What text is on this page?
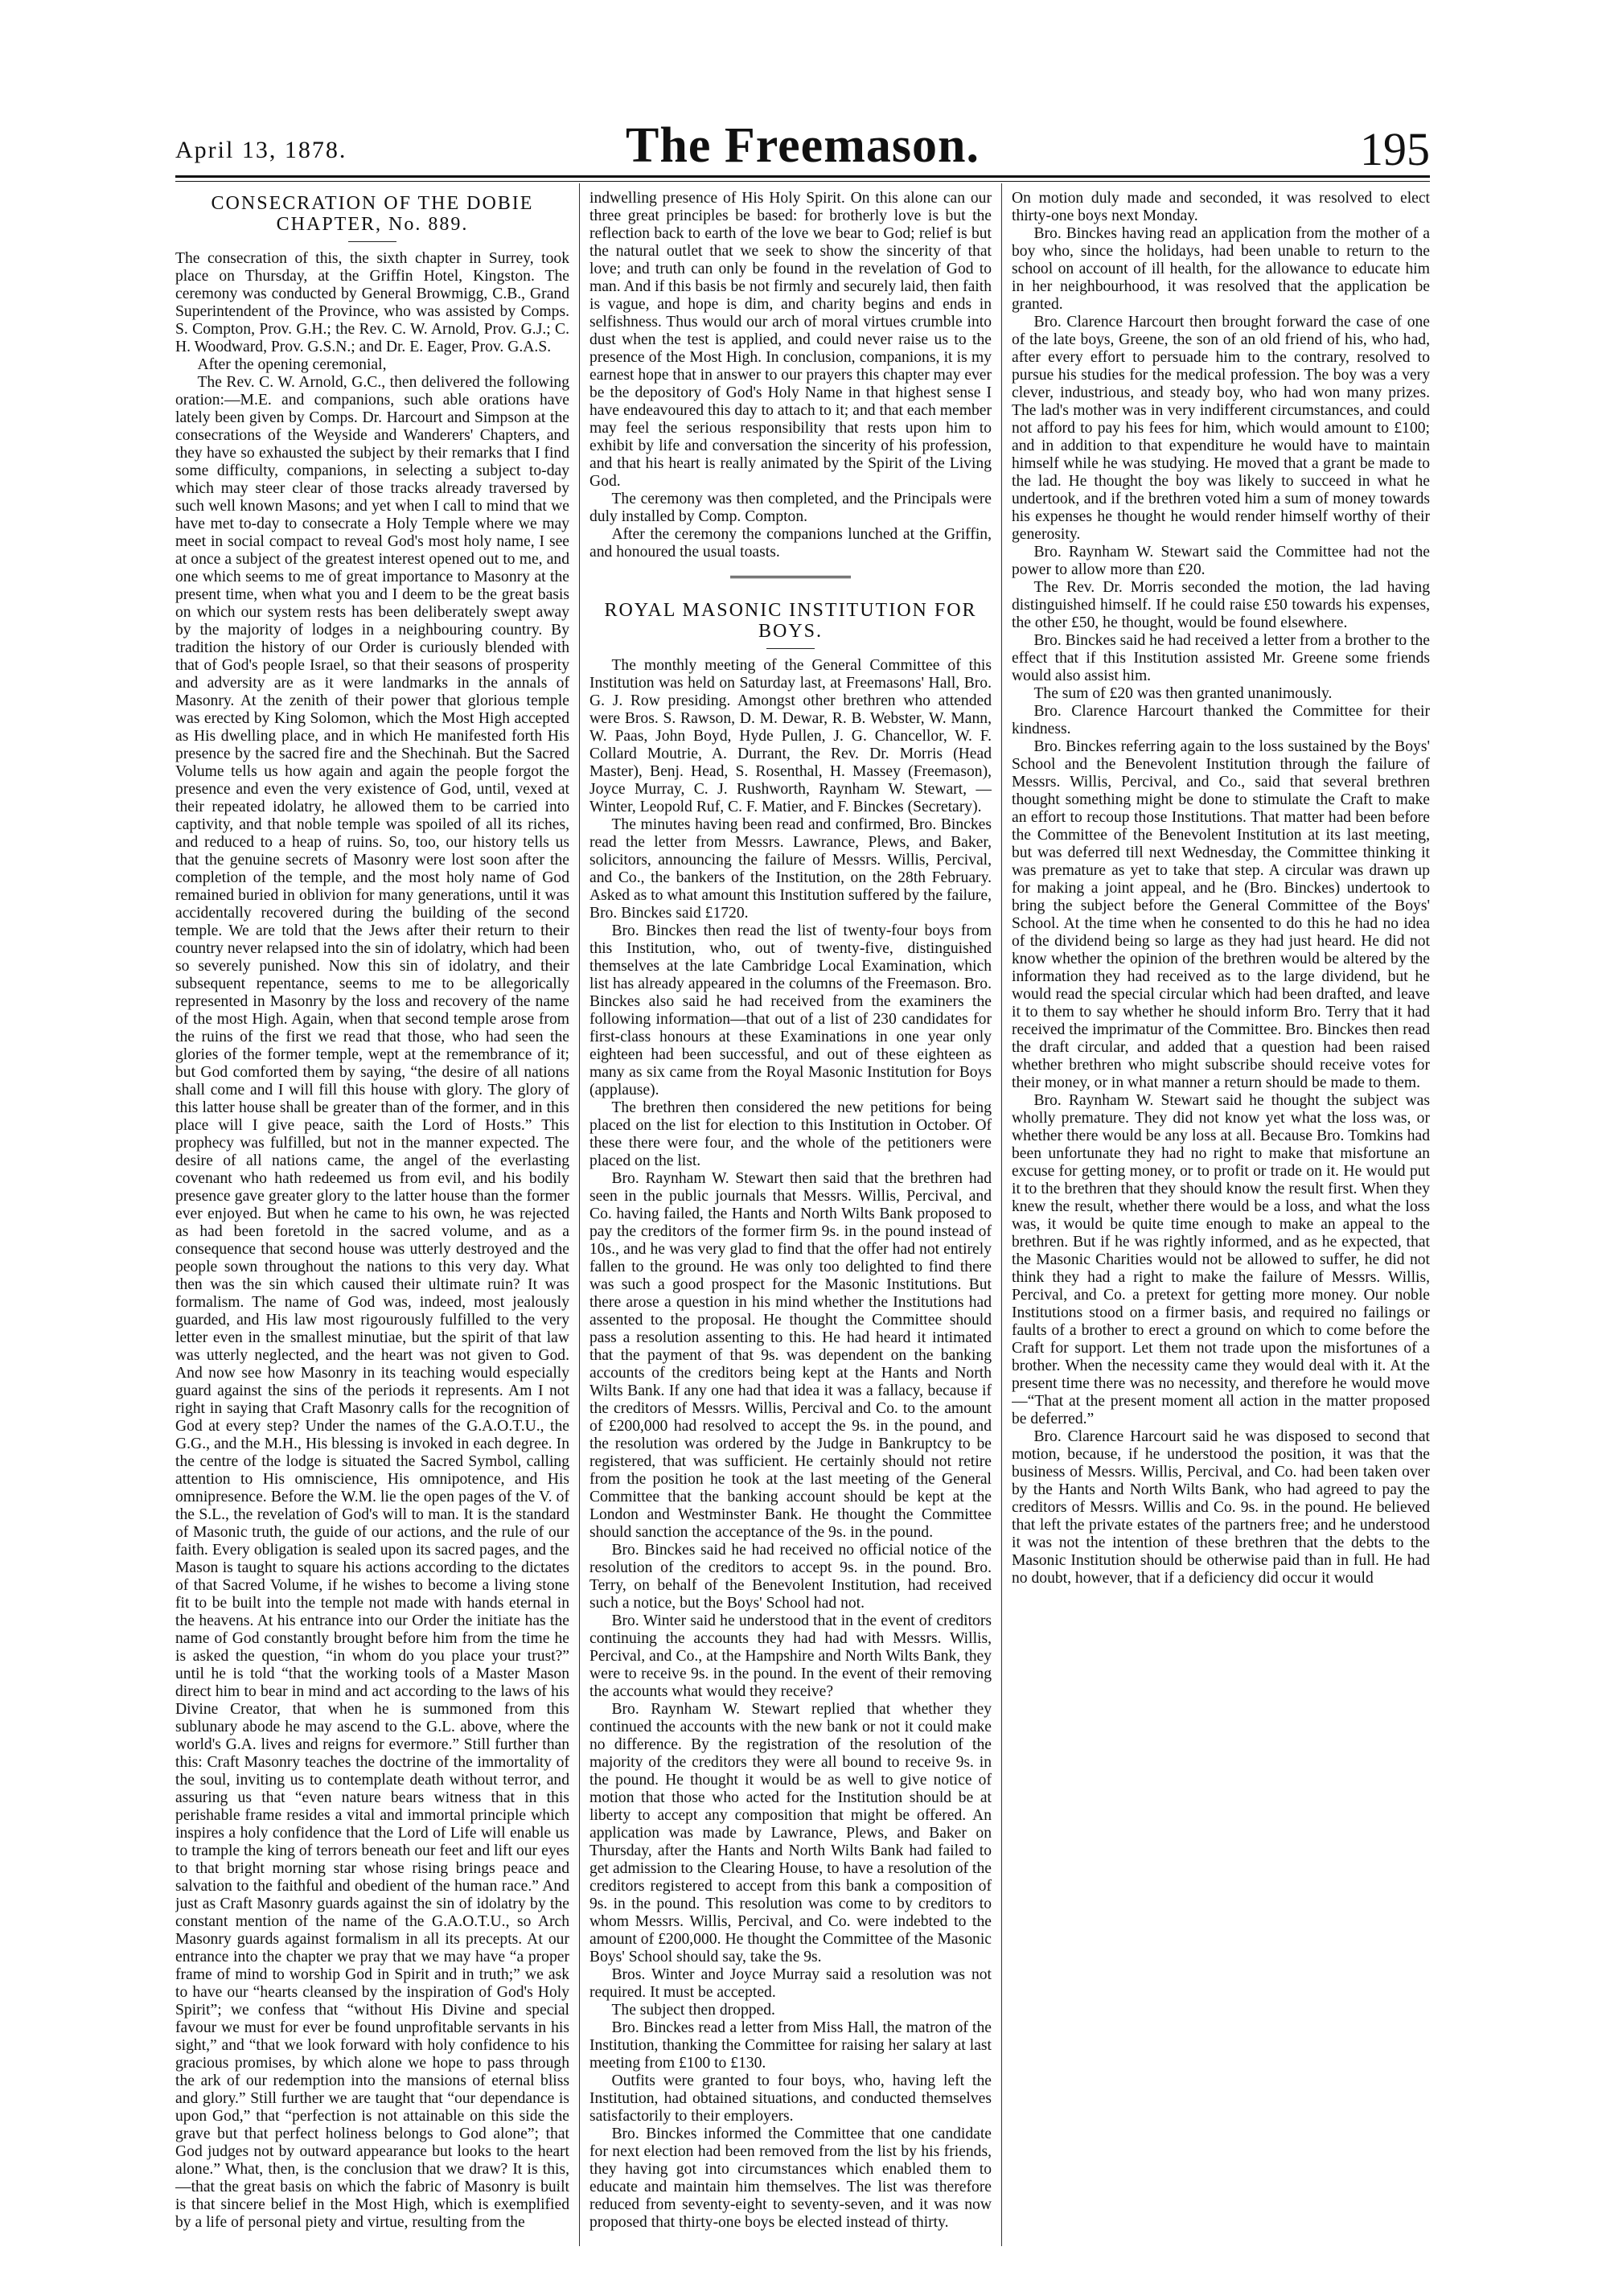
April 13, 1878.	The Freemason.	195
CONSECRATION OF THE DOBIE CHAPTER, No. 889.

The consecration of this, the sixth chapter in Surrey, took place on Thursday, at the Griffin Hotel, Kingston. The ceremony was conducted by General Browmigg, C.B., Grand Superintendent of the Province, who was assisted by Comps. S. Compton, Prov. G.H.; the Rev. C. W. Arnold, Prov. G.J.; C. H. Woodward, Prov. G.S.N.; and Dr. E. Eager, Prov. G.A.S.

After the opening ceremonial,

The Rev. C. W. Arnold, G.C., then delivered the following oration:—M.E. and companions, such able orations have lately been given by Comps. Dr. Harcourt and Simpson at the consecrations of the Weyside and Wanderers' Chapters, and they have so exhausted the subject by their remarks that I find some difficulty, companions, in selecting a subject to-day which may steer clear of those tracks already traversed by such well known Masons; and yet when I call to mind that we have met to-day to consecrate a Holy Temple where we may meet in social compact to reveal God's most holy name, I see at once a subject of the greatest interest opened out to me, and one which seems to me of great importance to Masonry at the present time, when what you and I deem to be the great basis on which our system rests has been deliberately swept away by the majority of lodges in a neighbouring country. By tradition the history of our Order is curiously blended with that of God's people Israel, so that their seasons of prosperity and adversity are as it were landmarks in the annals of Masonry. At the zenith of their power that glorious temple was erected by King Solomon, which the Most High accepted as His dwelling place, and in which He manifested forth His presence by the sacred fire and the Shechinah. But the Sacred Volume tells us how again and again the people forgot the presence and even the very existence of God, until, vexed at their repeated idolatry, he allowed them to be carried into captivity, and that noble temple was spoiled of all its riches, and reduced to a heap of ruins. So, too, our history tells us that the genuine secrets of Masonry were lost soon after the completion of the temple, and the most holy name of God remained buried in oblivion for many generations, until it was accidentally recovered during the building of the second temple. We are told that the Jews after their return to their country never relapsed into the sin of idolatry, which had been so severely punished. Now this sin of idolatry, and their subsequent repentance, seems to me to be allegorically represented in Masonry by the loss and recovery of the name of the most High. Again, when that second temple arose from the ruins of the first we read that those, who had seen the glories of the former temple, wept at the remembrance of it; but God comforted them by saying, “the desire of all nations shall come and I will fill this house with glory. The glory of this latter house shall be greater than of the former, and in this place will I give peace, saith the Lord of Hosts.” This prophecy was fulfilled, but not in the manner expected. The desire of all nations came, the angel of the everlasting covenant who hath redeemed us from evil, and his bodily presence gave greater glory to the latter house than the former ever enjoyed. But when he came to his own, he was rejected as had been foretold in the sacred volume, and as a consequence that second house was utterly destroyed and the people sown throughout the nations to this very day. What then was the sin which caused their ultimate ruin? It was formalism. The name of God was, indeed, most jealously guarded, and His law most rigourously fulfilled to the very letter even in the smallest minutiae, but the spirit of that law was utterly neglected, and the heart was not given to God. And now see how Masonry in its teaching would especially guard against the sins of the periods it represents. Am I not right in saying that Craft Masonry calls for the recognition of God at every step? Under the names of the G.A.O.T.U., the G.G., and the M.H., His blessing is invoked in each degree. In the centre of the lodge is situated the Sacred Symbol, calling attention to His omniscience, His omnipotence, and His omnipresence. Before the W.M. lie the open pages of the V. of the S.L., the revelation of God's will to man. It is the standard of Masonic truth, the guide of our actions, and the rule of our faith. Every obligation is sealed upon its sacred pages, and the Mason is taught to square his actions according to the dictates of that Sacred Volume, if he wishes to become a living stone fit to be built into the temple not made with hands eternal in the heavens. At his entrance into our Order the initiate has the name of God constantly brought before him from the time he is asked the question, “in whom do you place your trust?” until he is told “that the working tools of a Master Mason direct him to bear in mind and act according to the laws of his Divine Creator, that when he is summoned from this sublunary abode he may ascend to the G.L. above, where the world's G.A. lives and reigns for evermore.” Still further than this: Craft Masonry teaches the doctrine of the immortality of the soul, inviting us to contemplate death without terror, and assuring us that “even nature bears witness that in this perishable frame resides a vital and immortal principle which inspires a holy confidence that the Lord of Life will enable us to trample the king of terrors beneath our feet and lift our eyes to that bright morning star whose rising brings peace and salvation to the faithful and obedient of the human race.” And just as Craft Masonry guards against the sin of idolatry by the constant mention of the name of the G.A.O.T.U., so Arch Masonry guards against formalism in all its precepts. At our entrance into the chapter we pray that we may have “a proper frame of mind to worship God in Spirit and in truth;” we ask to have our “hearts cleansed by the inspiration of God's Holy Spirit”; we confess that “without His Divine and special favour we must for ever be found unprofitable servants in his sight,” and “that we look forward with holy confidence to his gracious promises, by which alone we hope to pass through the ark of our redemption into the mansions of eternal bliss and glory.” Still further we are taught that “our dependance is upon God,” that “perfection is not attainable on this side the grave but that perfect holiness belongs to God alone”; that God judges not by outward appearance but looks to the heart alone.” What, then, is the conclusion that we draw? It is this,—that the great basis on which the fabric of Masonry is built is that sincere belief in the Most High, which is exemplified by a life of personal piety and virtue, resulting from the

indwelling presence of His Holy Spirit. On this alone can our three great principles be based: for brotherly love is but the reflection back to earth of the love we bear to God; relief is but the natural outlet that we seek to show the sincerity of that love; and truth can only be found in the revelation of God to man. And if this basis be not firmly and securely laid, then faith is vague, and hope is dim, and charity begins and ends in selfishness. Thus would our arch of moral virtues crumble into dust when the test is applied, and could never raise us to the presence of the Most High. In conclusion, companions, it is my earnest hope that in answer to our prayers this chapter may ever be the depository of God's Holy Name in that highest sense I have endeavoured this day to attach to it; and that each member may feel the serious responsibility that rests upon him to exhibit by life and conversation the sincerity of his profession, and that his heart is really animated by the Spirit of the Living God.

The ceremony was then completed, and the Principals were duly installed by Comp. Compton.

After the ceremony the companions lunched at the Griffin, and honoured the usual toasts.

ROYAL MASONIC INSTITUTION FOR BOYS.

The monthly meeting of the General Committee of this Institution was held on Saturday last, at Freemasons' Hall, Bro. G. J. Row presiding. Amongst other brethren who attended were Bros. S. Rawson, D. M. Dewar, R. B. Webster, W. Mann, W. Paas, John Boyd, Hyde Pullen, J. G. Chancellor, W. F. Collard Moutrie, A. Durrant, the Rev. Dr. Morris (Head Master), Benj. Head, S. Rosenthal, H. Massey (Freemason), Joyce Murray, C. J. Rushworth, Raynham W. Stewart, — Winter, Leopold Ruf, C. F. Matier, and F. Binckes (Secretary).

The minutes having been read and confirmed, Bro. Binckes read the letter from Messrs. Lawrance, Plews, and Baker, solicitors, announcing the failure of Messrs. Willis, Percival, and Co., the bankers of the Institution, on the 28th February. Asked as to what amount this Institution suffered by the failure, Bro. Binckes said £1720.

Bro. Binckes then read the list of twenty-four boys from this Institution, who, out of twenty-five, distinguished themselves at the late Cambridge Local Examination, which list has already appeared in the columns of the Freemason. Bro. Binckes also said he had received from the examiners the following information—that out of a list of 230 candidates for first-class honours at these Examinations in one year only eighteen had been successful, and out of these eighteen as many as six came from the Royal Masonic Institution for Boys (applause).

The brethren then considered the new petitions for being placed on the list for election to this Institution in October. Of these there were four, and the whole of the petitioners were placed on the list.

Bro. Raynham W. Stewart then said that the brethren had seen in the public journals that Messrs. Willis, Percival, and Co. having failed, the Hants and North Wilts Bank proposed to pay the creditors of the former firm 9s. in the pound instead of 10s., and he was very glad to find that the offer had not entirely fallen to the ground. He was only too delighted to find there was such a good prospect for the Masonic Institutions. But there arose a question in his mind whether the Institutions had assented to the proposal. He thought the Committee should pass a resolution assenting to this. He had heard it intimated that the payment of that 9s. was dependent on the banking accounts of the creditors being kept at the Hants and North Wilts Bank. If any one had that idea it was a fallacy, because if the creditors of Messrs. Willis, Percival and Co. to the amount of £200,000 had resolved to accept the 9s. in the pound, and the resolution was ordered by the Judge in Bankruptcy to be registered, that was sufficient. He certainly should not retire from the position he took at the last meeting of the General Committee that the banking account should be kept at the London and Westminster Bank. He thought the Committee should sanction the acceptance of the 9s. in the pound.

Bro. Binckes said he had received no official notice of the resolution of the creditors to accept 9s. in the pound. Bro. Terry, on behalf of the Benevolent Institution, had received such a notice, but the Boys' School had not.

Bro. Winter said he understood that in the event of creditors continuing the accounts they had had with Messrs. Willis, Percival, and Co., at the Hampshire and North Wilts Bank, they were to receive 9s. in the pound. In the event of their removing the accounts what would they receive?

Bro. Raynham W. Stewart replied that whether they continued the accounts with the new bank or not it could make no difference. By the registration of the resolution of the majority of the creditors they were all bound to receive 9s. in the pound. He thought it would be as well to give notice of motion that those who acted for the Institution should be at liberty to accept any composition that might be offered. An application was made by Lawrance, Plews, and Baker on Thursday, after the Hants and North Wilts Bank had failed to get admission to the Clearing House, to have a resolution of the creditors registered to accept from this bank a composition of 9s. in the pound. This resolution was come to by creditors to whom Messrs. Willis, Percival, and Co. were indebted to the amount of £200,000. He thought the Committee of the Masonic Boys' School should say, take the 9s.

Bros. Winter and Joyce Murray said a resolution was not required. It must be accepted.

The subject then dropped.

Bro. Binckes read a letter from Miss Hall, the matron of the Institution, thanking the Committee for raising her salary at last meeting from £100 to £130.

Outfits were granted to four boys, who, having left the Institution, had obtained situations, and conducted themselves satisfactorily to their employers.

Bro. Binckes informed the Committee that one candidate for next election had been removed from the list by his friends, they having got into circumstances which enabled them to educate and maintain him themselves. The list was therefore reduced from seventy-eight to seventy-seven, and it was now proposed that thirty-one boys be elected instead of thirty.

On motion duly made and seconded, it was resolved to elect thirty-one boys next Monday.

Bro. Binckes having read an application from the mother of a boy who, since the holidays, had been unable to return to the school on account of ill health, for the allowance to educate him in her neighbourhood, it was resolved that the application be granted.

Bro. Clarence Harcourt then brought forward the case of one of the late boys, Greene, the son of an old friend of his, who had, after every effort to persuade him to the contrary, resolved to pursue his studies for the medical profession. The boy was a very clever, industrious, and steady boy, who had won many prizes. The lad's mother was in very indifferent circumstances, and could not afford to pay his fees for him, which would amount to £100; and in addition to that expenditure he would have to maintain himself while he was studying. He moved that a grant be made to the lad. He thought the boy was likely to succeed in what he undertook, and if the brethren voted him a sum of money towards his expenses he thought he would render himself worthy of their generosity.

Bro. Raynham W. Stewart said the Committee had not the power to allow more than £20.

The Rev. Dr. Morris seconded the motion, the lad having distinguished himself. If he could raise £50 towards his expenses, the other £50, he thought, would be found elsewhere.

Bro. Binckes said he had received a letter from a brother to the effect that if this Institution assisted Mr. Greene some friends would also assist him.

The sum of £20 was then granted unanimously.

Bro. Clarence Harcourt thanked the Committee for their kindness.

Bro. Binckes referring again to the loss sustained by the Boys' School and the Benevolent Institution through the failure of Messrs. Willis, Percival, and Co., said that several brethren thought something might be done to stimulate the Craft to make an effort to recoup those Institutions. That matter had been before the Committee of the Benevolent Institution at its last meeting, but was deferred till next Wednesday, the Committee thinking it was premature as yet to take that step. A circular was drawn up for making a joint appeal, and he (Bro. Binckes) undertook to bring the subject before the General Committee of the Boys' School. At the time when he consented to do this he had no idea of the dividend being so large as they had just heard. He did not know whether the opinion of the brethren would be altered by the information they had received as to the large dividend, but he would read the special circular which had been drafted, and leave it to them to say whether he should inform Bro. Terry that it had received the imprimatur of the Committee. Bro. Binckes then read the draft circular, and added that a question had been raised whether brethren who might subscribe should receive votes for their money, or in what manner a return should be made to them.

Bro. Raynham W. Stewart said he thought the subject was wholly premature. They did not know yet what the loss was, or whether there would be any loss at all. Because Bro. Tomkins had been unfortunate they had no right to make that misfortune an excuse for getting money, or to profit or trade on it. He would put it to the brethren that they should know the result first. When they knew the result, whether there would be a loss, and what the loss was, it would be quite time enough to make an appeal to the brethren. But if he was rightly informed, and as he expected, that the Masonic Charities would not be allowed to suffer, he did not think they had a right to make the failure of Messrs. Willis, Percival, and Co. a pretext for getting more money. Our noble Institutions stood on a firmer basis, and required no failings or faults of a brother to erect a ground on which to come before the Craft for support. Let them not trade upon the misfortunes of a brother. When the necessity came they would deal with it. At the present time there was no necessity, and therefore he would move—“That at the present moment all action in the matter proposed be deferred.”

Bro. Clarence Harcourt said he was disposed to second that motion, because, if he understood the position, it was that the business of Messrs. Willis, Percival, and Co. had been taken over by the Hants and North Wilts Bank, who had agreed to pay the creditors of Messrs. Willis and Co. 9s. in the pound. He believed that left the private estates of the partners free; and he understood it was not the intention of these brethren that the debts to the Masonic Institution should be otherwise paid than in full. He had no doubt, however, that if a deficiency did occur it would
